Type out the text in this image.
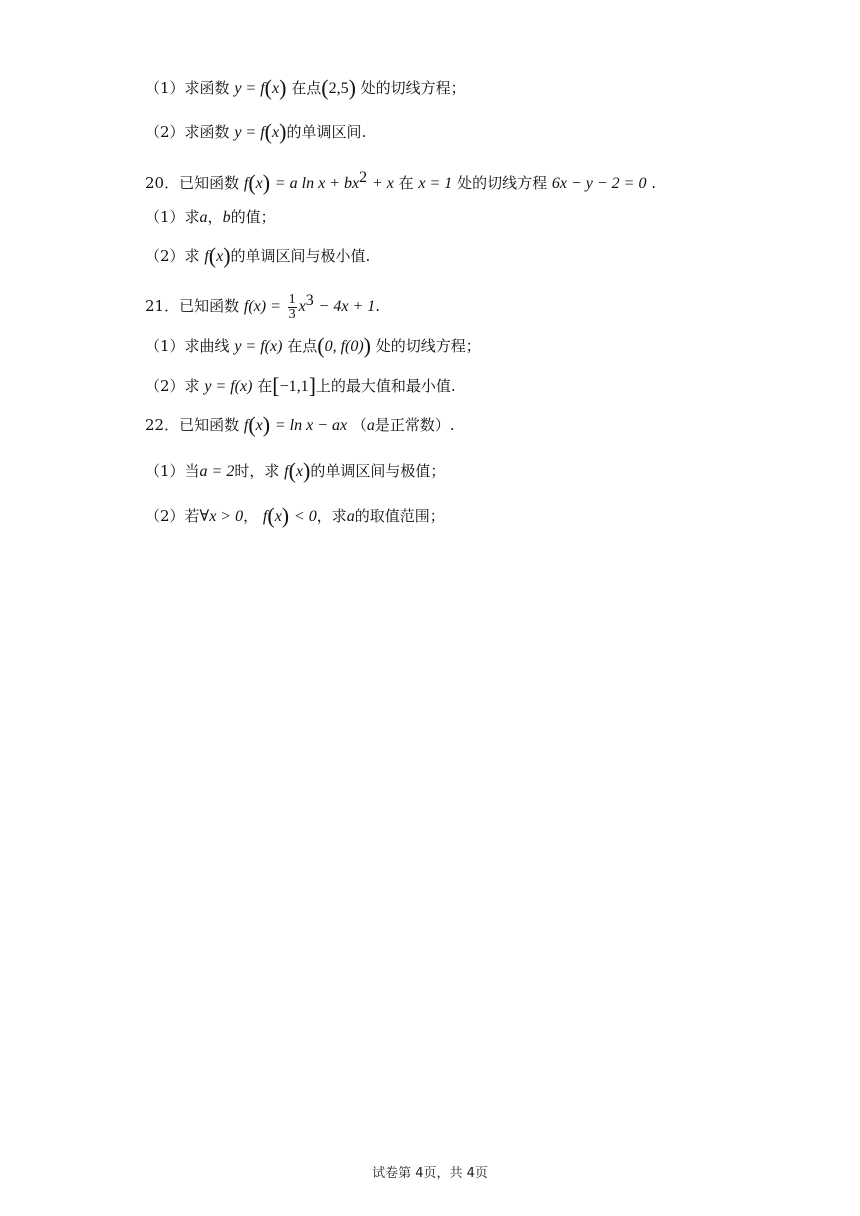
（1）求函数 y = f(x) 在点(2,5) 处的切线方程；
（2）求函数 y = f(x)的单调区间.
20．已知函数 f(x) = a $\ln x + bx^2 + x$ 在 x = 1 处的切线方程 6x − y − 2 = 0 .
（1）求a，b的值；
（2）求 f(x)的单调区间与极小值.
21．已知函数 $f(x) = \frac{1}{3} x^3 - 4x + 1$.
（1）求曲线 y = f(x) 在点(0, f(0)) 处的切线方程；
（2）求 y = f(x) 在[−1,1]上的最大值和最小值.
22．已知函数 f(x) = ln x − ax （a是正常数）.
（1）当a = 2时，求 f(x)的单调区间与极值；
（2）若∀x > 0， f(x) < 0，求a的取值范围；
试卷第 4页，共 4页
